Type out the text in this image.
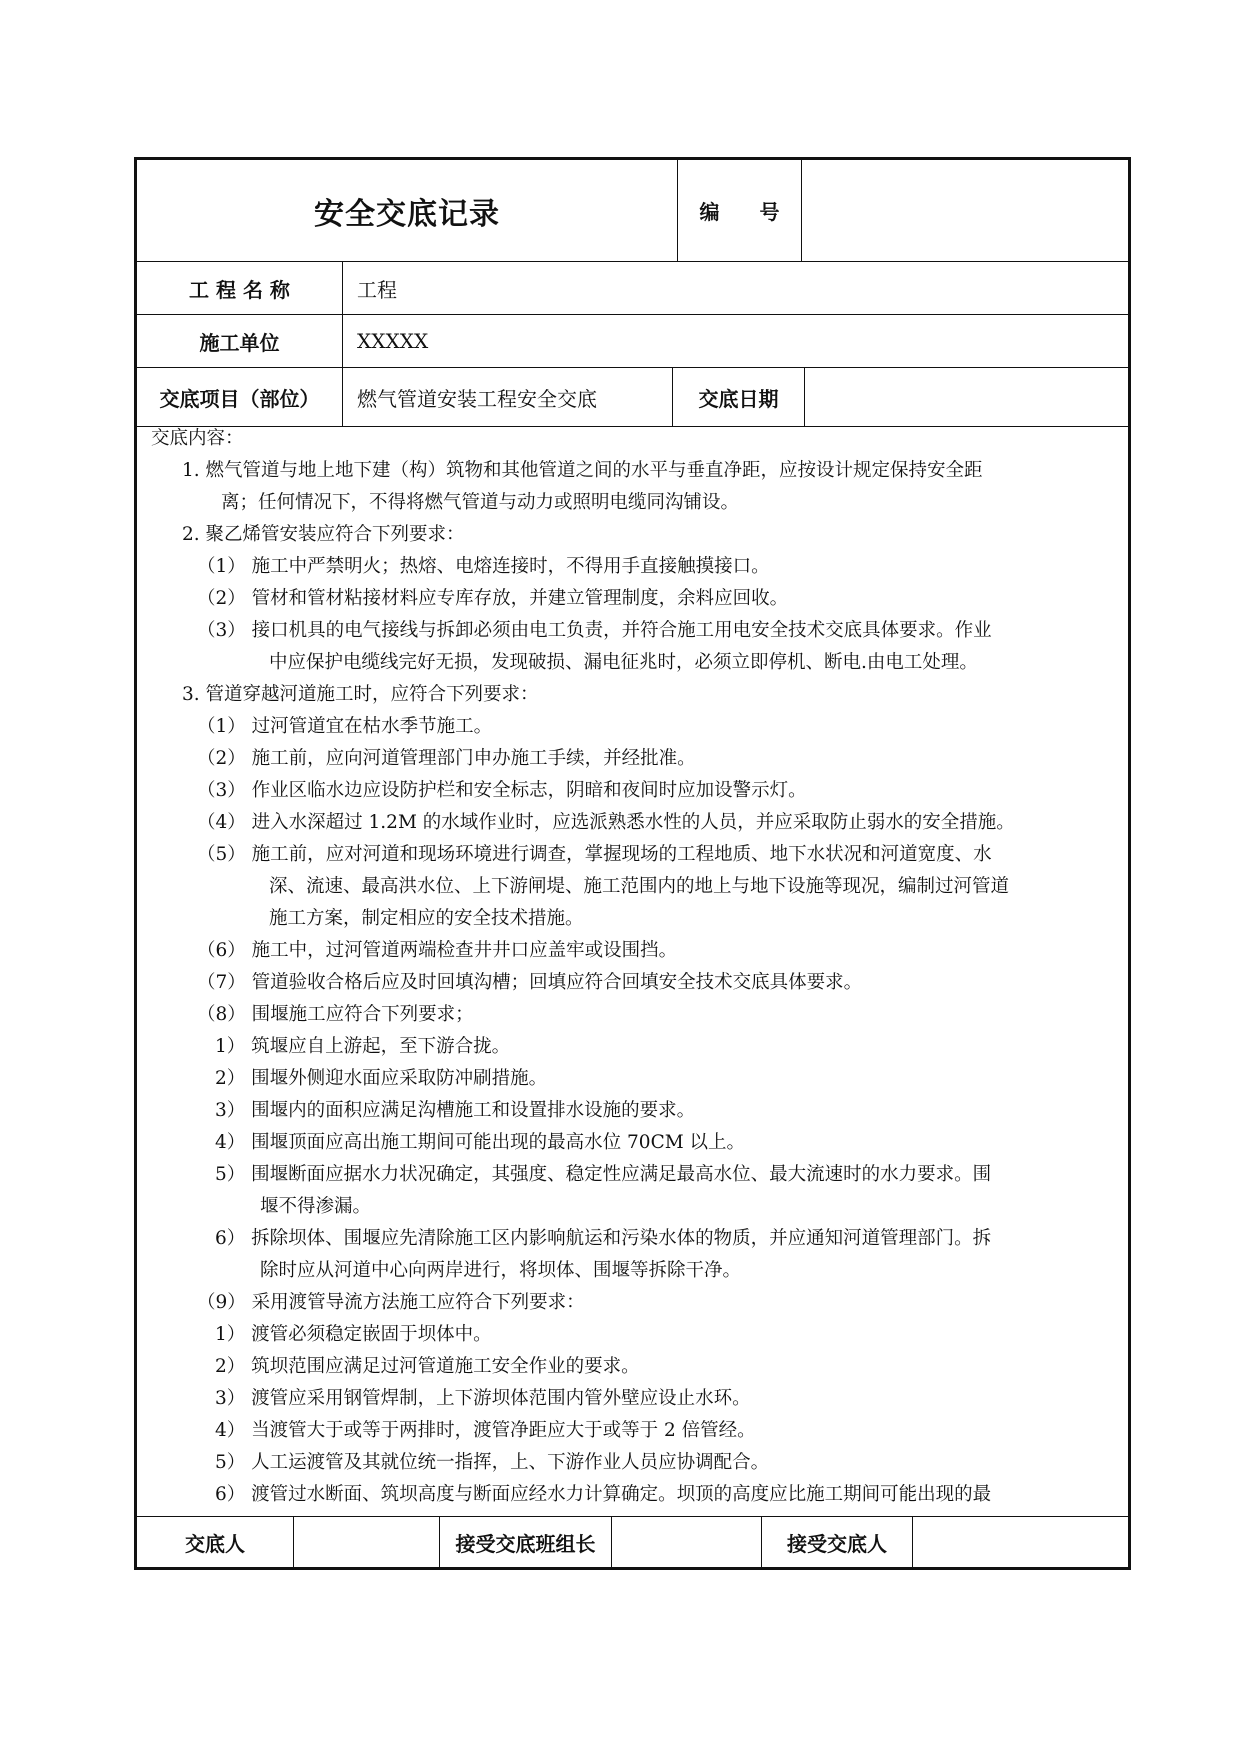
安全交底记录	编　　号
工 程 名 称	工程
施工单位	XXXXX
交底项目（部位）	燃气管道安装工程安全交底	交底日期
交底内容：
1. 燃气管道与地上地下建（构）筑物和其他管道之间的水平与垂直净距，应按设计规定保持安全距
离；任何情况下，不得将燃气管道与动力或照明电缆同沟铺设。
2. 聚乙烯管安装应符合下列要求：
（1） 施工中严禁明火；热熔、电熔连接时，不得用手直接触摸接口。
（2） 管材和管材粘接材料应专库存放，并建立管理制度，余料应回收。
（3） 接口机具的电气接线与拆卸必须由电工负责，并符合施工用电安全技术交底具体要求。作业
中应保护电缆线完好无损，发现破损、漏电征兆时，必须立即停机、断电.由电工处理。
3. 管道穿越河道施工时，应符合下列要求：
（1） 过河管道宜在枯水季节施工。
（2） 施工前，应向河道管理部门申办施工手续，并经批准。
（3） 作业区临水边应设防护栏和安全标志，阴暗和夜间时应加设警示灯。
（4） 进入水深超过 1.2M 的水域作业时，应选派熟悉水性的人员，并应采取防止弱水的安全措施。
（5） 施工前，应对河道和现场环境进行调查，掌握现场的工程地质、地下水状况和河道宽度、水
深、流速、最高洪水位、上下游闸堤、施工范围内的地上与地下设施等现况，编制过河管道
施工方案，制定相应的安全技术措施。
（6） 施工中，过河管道两端检查井井口应盖牢或设围挡。
（7） 管道验收合格后应及时回填沟槽；回填应符合回填安全技术交底具体要求。
（8） 围堰施工应符合下列要求；
1） 筑堰应自上游起，至下游合拢。
2） 围堰外侧迎水面应采取防冲刷措施。
3） 围堰内的面积应满足沟槽施工和设置排水设施的要求。
4） 围堰顶面应高出施工期间可能出现的最高水位 70CM 以上。
5） 围堰断面应据水力状况确定，其强度、稳定性应满足最高水位、最大流速时的水力要求。围
堰不得渗漏。
6） 拆除坝体、围堰应先清除施工区内影响航运和污染水体的物质，并应通知河道管理部门。拆
除时应从河道中心向两岸进行，将坝体、围堰等拆除干净。
（9） 采用渡管导流方法施工应符合下列要求：
1） 渡管必须稳定嵌固于坝体中。
2） 筑坝范围应满足过河管道施工安全作业的要求。
3） 渡管应采用钢管焊制，上下游坝体范围内管外壁应设止水环。
4） 当渡管大于或等于两排时，渡管净距应大于或等于 2 倍管经。
5） 人工运渡管及其就位统一指挥，上、下游作业人员应协调配合。
6） 渡管过水断面、筑坝高度与断面应经水力计算确定。坝顶的高度应比施工期间可能出现的最
交底人	接受交底班组长	接受交底人
